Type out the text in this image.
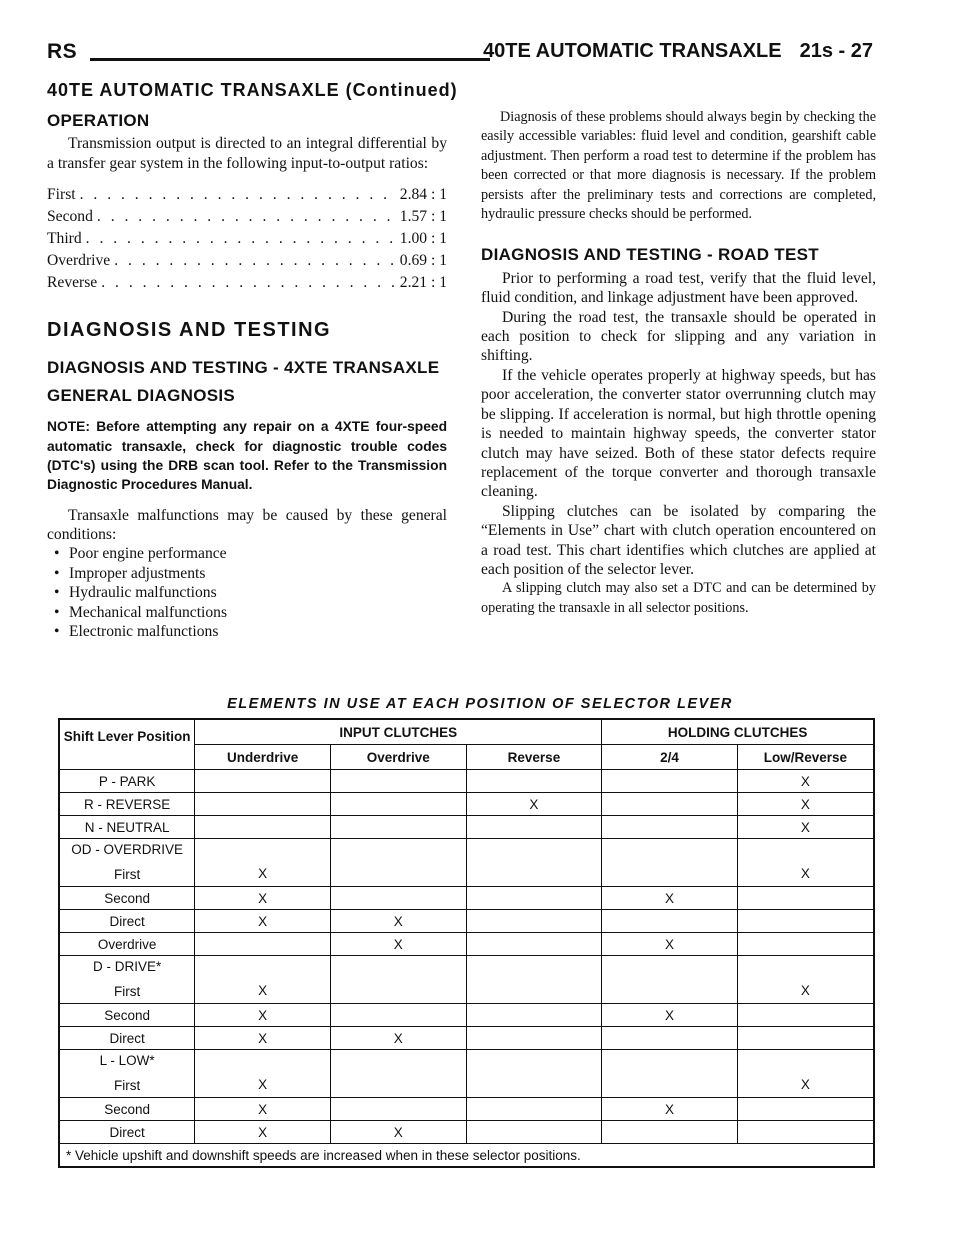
RS	40TE AUTOMATIC TRANSAXLE 21s - 27
40TE AUTOMATIC TRANSAXLE (Continued)

OPERATION

Transmission output is directed to an integral differential by a transfer gear system in the following input-to-output ratios:

First . . .	2.84 : 1
Second . . .	1.57 : 1
Third . . .	1.00 : 1
Overdrive . . .	0.69 : 1
Reverse . . .	2.21 : 1

DIAGNOSIS AND TESTING

DIAGNOSIS AND TESTING - 4XTE TRANSAXLE

GENERAL DIAGNOSIS

NOTE: Before attempting any repair on a 4XTE four-speed automatic transaxle, check for diagnostic trouble codes (DTC's) using the DRB scan tool. Refer to the Transmission Diagnostic Procedures Manual.

Transaxle malfunctions may be caused by these general conditions:

• Poor engine performance
• Improper adjustments
• Hydraulic malfunctions
• Mechanical malfunctions
• Electronic malfunctions

Diagnosis of these problems should always begin by checking the easily accessible variables: fluid level and condition, gearshift cable adjustment. Then perform a road test to determine if the problem has been corrected or that more diagnosis is necessary. If the problem persists after the preliminary tests and corrections are completed, hydraulic pressure checks should be performed.

DIAGNOSIS AND TESTING - ROAD TEST

Prior to performing a road test, verify that the fluid level, fluid condition, and linkage adjustment have been approved.

During the road test, the transaxle should be operated in each position to check for slipping and any variation in shifting.

If the vehicle operates properly at highway speeds, but has poor acceleration, the converter stator overrunning clutch may be slipping. If acceleration is normal, but high throttle opening is needed to maintain highway speeds, the converter stator clutch may have seized. Both of these stator defects require replacement of the torque converter and thorough transaxle cleaning.

Slipping clutches can be isolated by comparing the “Elements in Use” chart with clutch operation encountered on a road test. This chart identifies which clutches are applied at each position of the selector lever.

A slipping clutch may also set a DTC and can be determined by operating the transaxle in all selector positions.

ELEMENTS IN USE AT EACH POSITION OF SELECTOR LEVER
Shift Lever Position	INPUT CLUTCHES			HOLDING CLUTCHES	
	Underdrive	Overdrive	Reverse	2/4	Low/Reverse
P - PARK					X
R - REVERSE			X		X
N - NEUTRAL					X

OD - OVERDRIVE
First	X				X

Second	X			X	
Direct	X	X			
Overdrive		X		X	

D - DRIVE*
First	X				X

Second	X			X	
Direct	X	X			

L - LOW*
First	X				X

Second	X			X	
Direct	X	X			
* Vehicle upshift and downshift speeds are increased when in these selector positions.					
